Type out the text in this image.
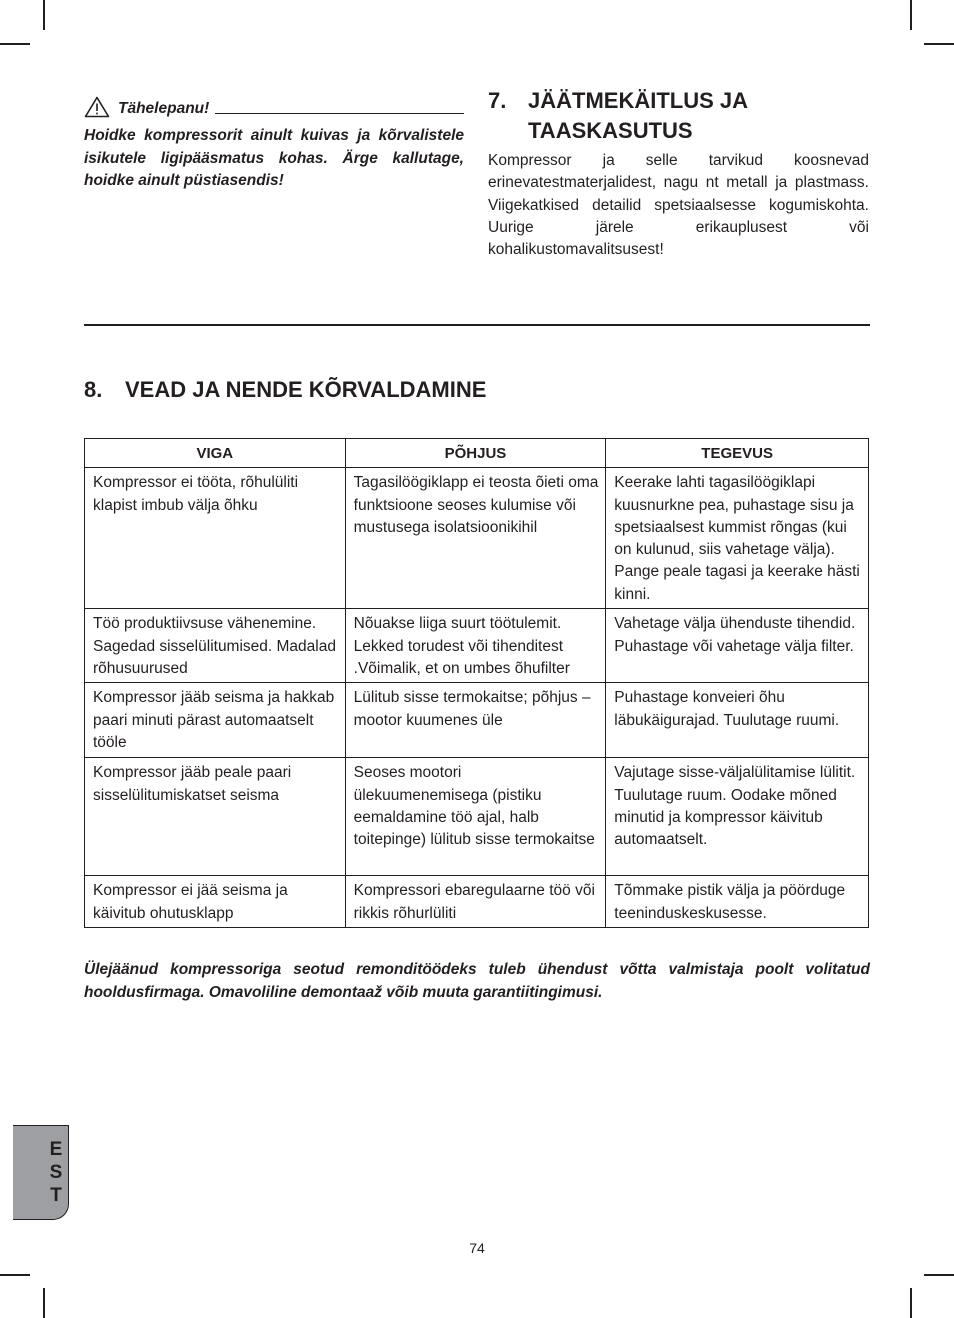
Tähelepanu!
Hoidke kompressorit ainult kuivas ja kõrvalistele isikutele ligipääsmatus kohas. Ärge kallutage, hoidke ainult püstiasendis!
7. JÄÄTMEKÄITLUS JA TAASKASUTUS
Kompressor ja selle tarvikud koosnevad erinevatestmaterjalidest, nagu nt metall ja plastmass. Viigekatkised detailid spetsiaalsesse kogumiskohta. Uurige järele erikauplusest või kohalikustomavalitsusest!
8.	VEAD JA NENDE KÕRVALDAMINE
VIGA	PÕHJUS	TEGEVUS
Kompressor ei tööta, rõhulüliti klapist imbub välja õhku	Tagasilöögiklapp ei teosta õieti oma funktsioone seoses kulumise või mustusega isolatsioonikihil	Keerake lahti tagasilöögiklapi kuusnurkne pea, puhastage sisu ja spetsiaalsest kummist rõngas (kui on kulunud, siis vahetage välja). Pange peale tagasi ja keerake hästi kinni.
Töö produktiivsuse vähenemine. Sagedad sisselülitumised. Madalad rõhusuurused	Nõuakse liiga suurt töötulemit. Lekked torudest või tihenditest .Võimalik, et on umbes õhufilter	Vahetage välja ühenduste tihendid. Puhastage või vahetage välja filter.
Kompressor jääb seisma ja hakkab paari minuti pärast automaatselt tööle	Lülitub sisse termokaitse; põhjus – mootor kuumenes üle	Puhastage konveieri õhu läbukäigurajad. Tuulutage ruumi.
Kompressor jääb peale paari sisselülitumiskatset seisma	Seoses mootori ülekuumenemisega (pistiku eemaldamine töö ajal, halb toitepinge) lülitub sisse termokaitse	Vajutage sisse-väljalülitamise lülitit. Tuulutage ruum. Oodake mõned minutid ja kompressor käivitub automaatselt.
Kompressor ei jää seisma ja käivitub ohutusklapp	Kompressori ebaregulaarne töö või rikkis rõhurlüliti	Tõmmake pistik välja ja pöörduge teeninduskeskusesse.
Ülejäänud kompressoriga seotud remonditöödeks tuleb ühendust võtta valmistaja poolt volitatud hooldusfirmaga. Omavoliline demontaaž võib muuta garantiitingimusi.
E
S
T
74
